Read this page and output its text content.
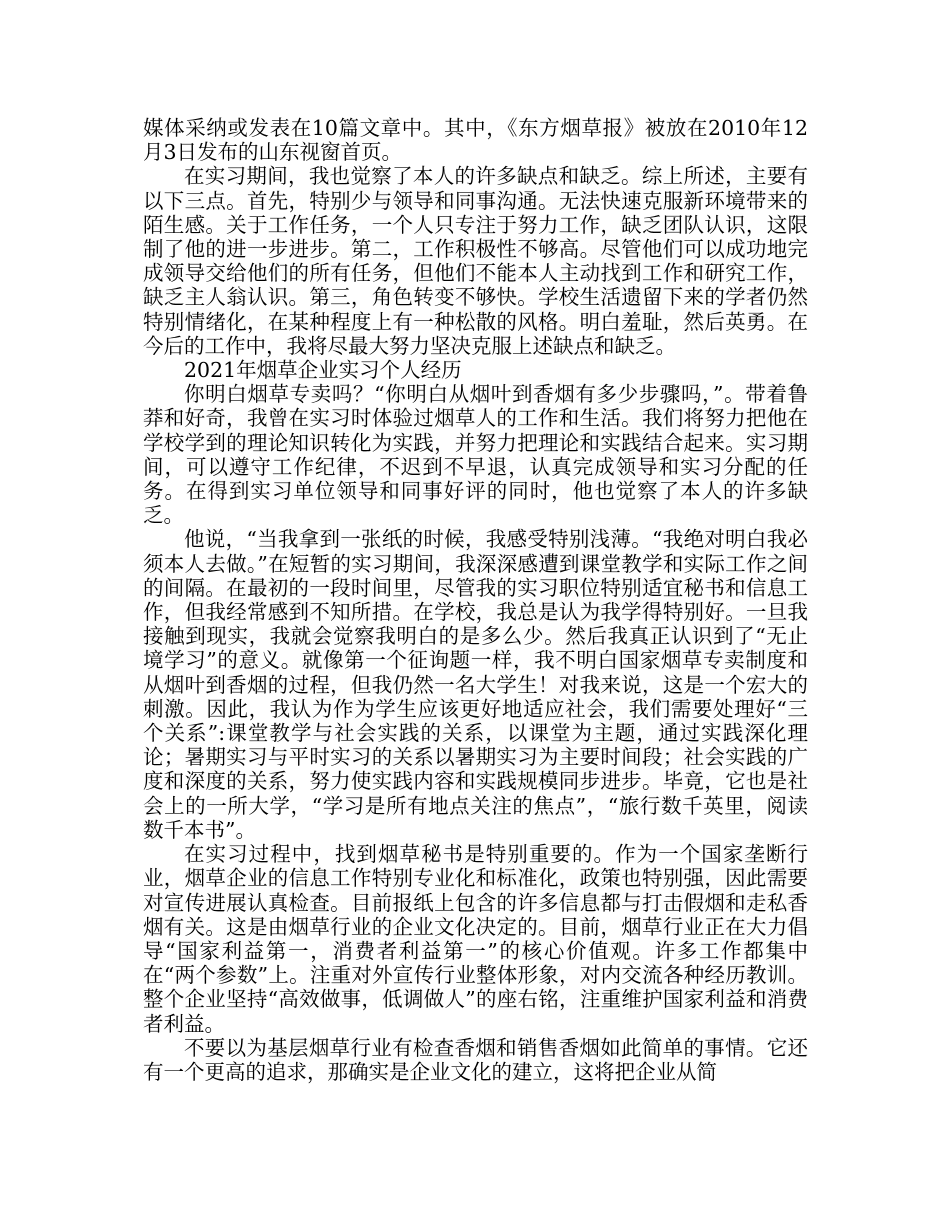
媒体采纳或发表在10篇文章中。其中，《东方烟草报》被放在2010年12月3日发布的山东视窗首页。

在实习期间，我也觉察了本人的许多缺点和缺乏。综上所述，主要有以下三点。首先，特别少与领导和同事沟通。无法快速克服新环境带来的陌生感。关于工作任务，一个人只专注于努力工作，缺乏团队认识，这限制了他的进一步进步。第二，工作积极性不够高。尽管他们可以成功地完成领导交给他们的所有任务，但他们不能本人主动找到工作和研究工作，缺乏主人翁认识。第三，角色转变不够快。学校生活遗留下来的学者仍然特别情绪化，在某种程度上有一种松散的风格。明白羞耻，然后英勇。在今后的工作中，我将尽最大努力坚决克服上述缺点和缺乏。

2021年烟草企业实习个人经历

你明白烟草专卖吗？“你明白从烟叶到香烟有多少步骤吗，”。带着鲁莽和好奇，我曾在实习时体验过烟草人的工作和生活。我们将努力把他在学校学到的理论知识转化为实践，并努力把理论和实践结合起来。实习期间，可以遵守工作纪律，不迟到不早退，认真完成领导和实习分配的任务。在得到实习单位领导和同事好评的同时，他也觉察了本人的许多缺乏。

他说，“当我拿到一张纸的时候，我感受特别浅薄。“我绝对明白我必须本人去做。”在短暂的实习期间，我深深感遭到课堂教学和实际工作之间的间隔。在最初的一段时间里，尽管我的实习职位特别适宜秘书和信息工作，但我经常感到不知所措。在学校，我总是认为我学得特别好。一旦我接触到现实，我就会觉察我明白的是多么少。然后我真正认识到了“无止境学习”的意义。就像第一个征询题一样，我不明白国家烟草专卖制度和从烟叶到香烟的过程，但我仍然一名大学生！对我来说，这是一个宏大的刺激。因此，我认为作为学生应该更好地适应社会，我们需要处理好“三个关系”:课堂教学与社会实践的关系，以课堂为主题，通过实践深化理论；暑期实习与平时实习的关系以暑期实习为主要时间段；社会实践的广度和深度的关系，努力使实践内容和实践规模同步进步。毕竟，它也是社会上的一所大学，“学习是所有地点关注的焦点”，“旅行数千英里，阅读数千本书”。

在实习过程中，找到烟草秘书是特别重要的。作为一个国家垄断行业，烟草企业的信息工作特别专业化和标准化，政策也特别强，因此需要对宣传进展认真检查。目前报纸上包含的许多信息都与打击假烟和走私香烟有关。这是由烟草行业的企业文化决定的。目前，烟草行业正在大力倡导“国家利益第一，消费者利益第一”的核心价值观。许多工作都集中在“两个参数”上。注重对外宣传行业整体形象，对内交流各种经历教训。整个企业坚持“高效做事，低调做人”的座右铭，注重维护国家利益和消费者利益。

不要以为基层烟草行业有检查香烟和销售香烟如此简单的事情。它还有一个更高的追求，那确实是企业文化的建立，这将把企业从简
